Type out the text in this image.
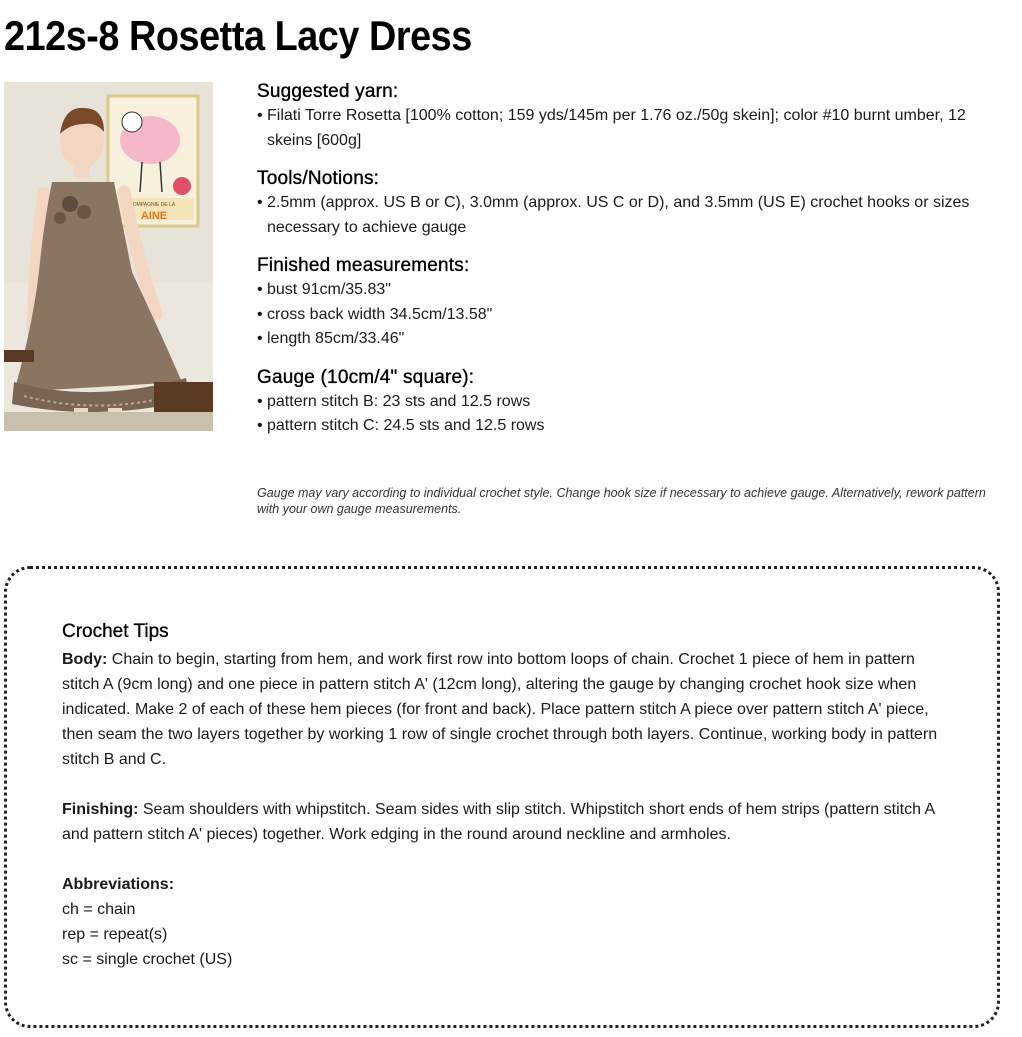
212s-8 Rosetta Lacy Dress
OMPAGNIE DE LA
AINE
Suggested yarn:
• Filati Torre Rosetta [100% cotton; 159 yds/145m per 1.76 oz./50g skein]; color #10 burnt umber, 12 skeins [600g]
Tools/Notions:
• 2.5mm (approx. US B or C), 3.0mm (approx. US C or D), and 3.5mm (US E) crochet hooks or sizes necessary to achieve gauge
Finished measurements:
• bust 91cm/35.83"
• cross back width 34.5cm/13.58"
• length 85cm/33.46"
Gauge (10cm/4" square):
• pattern stitch B: 23 sts and 12.5 rows
• pattern stitch C: 24.5 sts and 12.5 rows

Gauge may vary according to individual crochet style. Change hook size if necessary to achieve gauge. Alternatively, rework pattern with your own gauge measurements.

Crochet Tips

Body: Chain to begin, starting from hem, and work first row into bottom loops of chain. Crochet 1 piece of hem in pattern stitch A (9cm long) and one piece in pattern stitch A' (12cm long), altering the gauge by changing crochet hook size when indicated. Make 2 of each of these hem pieces (for front and back). Place pattern stitch A piece over pattern stitch A' piece, then seam the two layers together by working 1 row of single crochet through both layers. Continue, working body in pattern stitch B and C.

Finishing: Seam shoulders with whipstitch. Seam sides with slip stitch. Whipstitch short ends of hem strips (pattern stitch A and pattern stitch A' pieces) together. Work edging in the round around neckline and armholes.

Abbreviations:

ch = chain
rep = repeat(s)
sc = single crochet (US)
